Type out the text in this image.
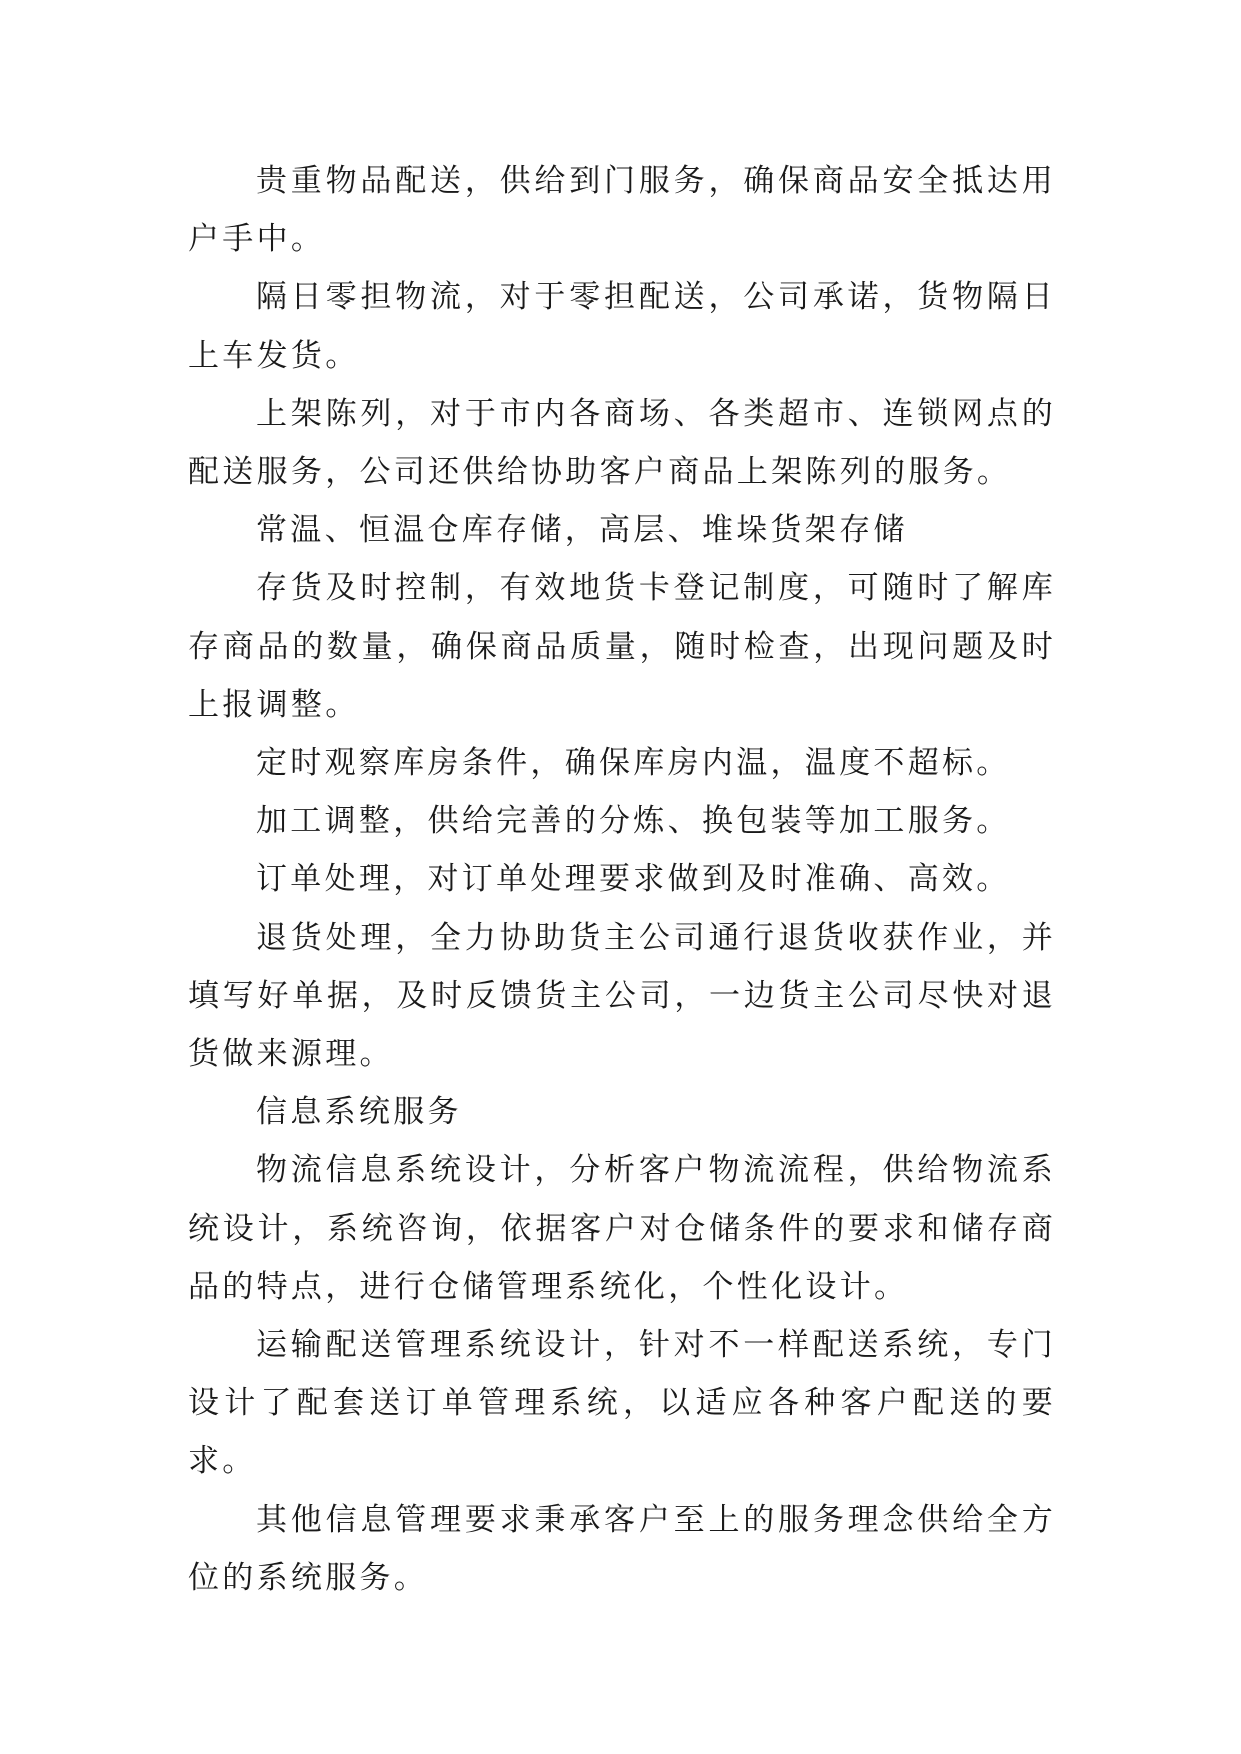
贵重物品配送，供给到门服务，确保商品安全抵达用户手中。

隔日零担物流，对于零担配送，公司承诺，货物隔日上车发货。

上架陈列，对于市内各商场、各类超市、连锁网点的配送服务，公司还供给协助客户商品上架陈列的服务。

常温、恒温仓库存储，高层、堆垛货架存储

存货及时控制，有效地货卡登记制度，可随时了解库存商品的数量，确保商品质量，随时检查，出现问题及时上报调整。

定时观察库房条件，确保库房内温，温度不超标。

加工调整，供给完善的分炼、换包装等加工服务。

订单处理，对订单处理要求做到及时准确、高效。

退货处理，全力协助货主公司通行退货收获作业，并填写好单据，及时反馈货主公司，一边货主公司尽快对退货做来源理。

信息系统服务

物流信息系统设计，分析客户物流流程，供给物流系统设计，系统咨询，依据客户对仓储条件的要求和储存商品的特点，进行仓储管理系统化，个性化设计。

运输配送管理系统设计，针对不一样配送系统，专门设计了配套送订单管理系统，以适应各种客户配送的要求。

其他信息管理要求秉承客户至上的服务理念供给全方位的系统服务。
